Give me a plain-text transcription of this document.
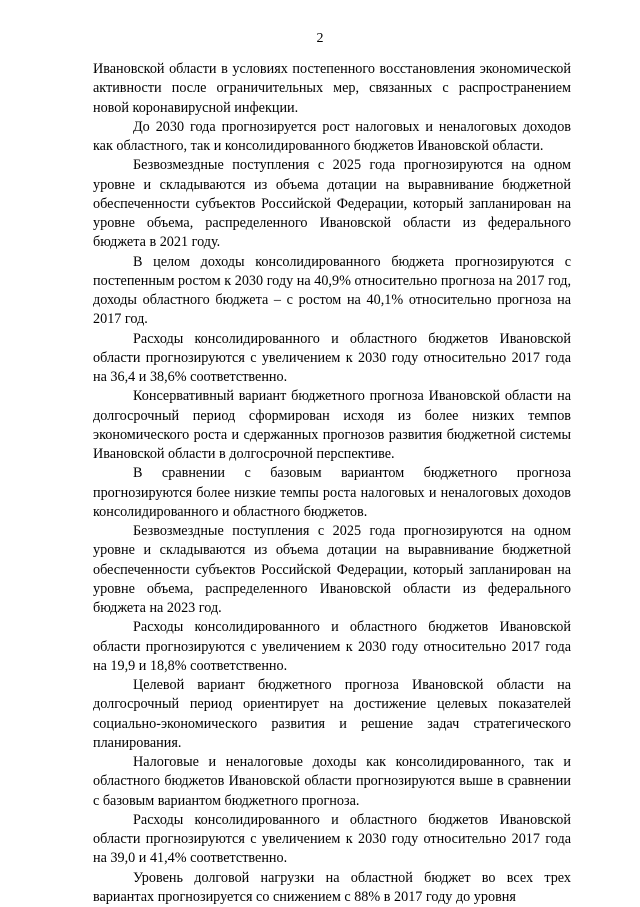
2

Ивановской области в условиях постепенного восстановления экономической активности после ограничительных мер, связанных с распространением новой коронавирусной инфекции.

До 2030 года прогнозируется рост налоговых и неналоговых доходов как областного, так и консолидированного бюджетов Ивановской области.

Безвозмездные поступления с 2025 года прогнозируются на одном уровне и складываются из объема дотации на выравнивание бюджетной обеспеченности субъектов Российской Федерации, который запланирован на уровне объема, распределенного Ивановской области из федерального бюджета в 2021 году.

В целом доходы консолидированного бюджета прогнозируются с постепенным ростом к 2030 году на 40,9% относительно прогноза на 2017 год, доходы областного бюджета – с ростом на 40,1% относительно прогноза на 2017 год.

Расходы консолидированного и областного бюджетов Ивановской области прогнозируются с увеличением к 2030 году относительно 2017 года на 36,4 и 38,6% соответственно.

Консервативный вариант бюджетного прогноза Ивановской области на долгосрочный период сформирован исходя из более низких темпов экономического роста и сдержанных прогнозов развития бюджетной системы Ивановской области в долгосрочной перспективе.

В сравнении с базовым вариантом бюджетного прогноза прогнозируются более низкие темпы роста налоговых и неналоговых доходов консолидированного и областного бюджетов.

Безвозмездные поступления с 2025 года прогнозируются на одном уровне и складываются из объема дотации на выравнивание бюджетной обеспеченности субъектов Российской Федерации, который запланирован на уровне объема, распределенного Ивановской области из федерального бюджета на 2023 год.

Расходы консолидированного и областного бюджетов Ивановской области прогнозируются с увеличением к 2030 году относительно 2017 года на 19,9 и 18,8% соответственно.

Целевой вариант бюджетного прогноза Ивановской области на долгосрочный период ориентирует на достижение целевых показателей социально-экономического развития и решение задач стратегического планирования.

Налоговые и неналоговые доходы как консолидированного, так и областного бюджетов Ивановской области прогнозируются выше в сравнении с базовым вариантом бюджетного прогноза.

Расходы консолидированного и областного бюджетов Ивановской области прогнозируются с увеличением к 2030 году относительно 2017 года на 39,0 и 41,4% соответственно.

Уровень долговой нагрузки на областной бюджет во всех трех вариантах прогнозируется со снижением с 88% в 2017 году до уровня
